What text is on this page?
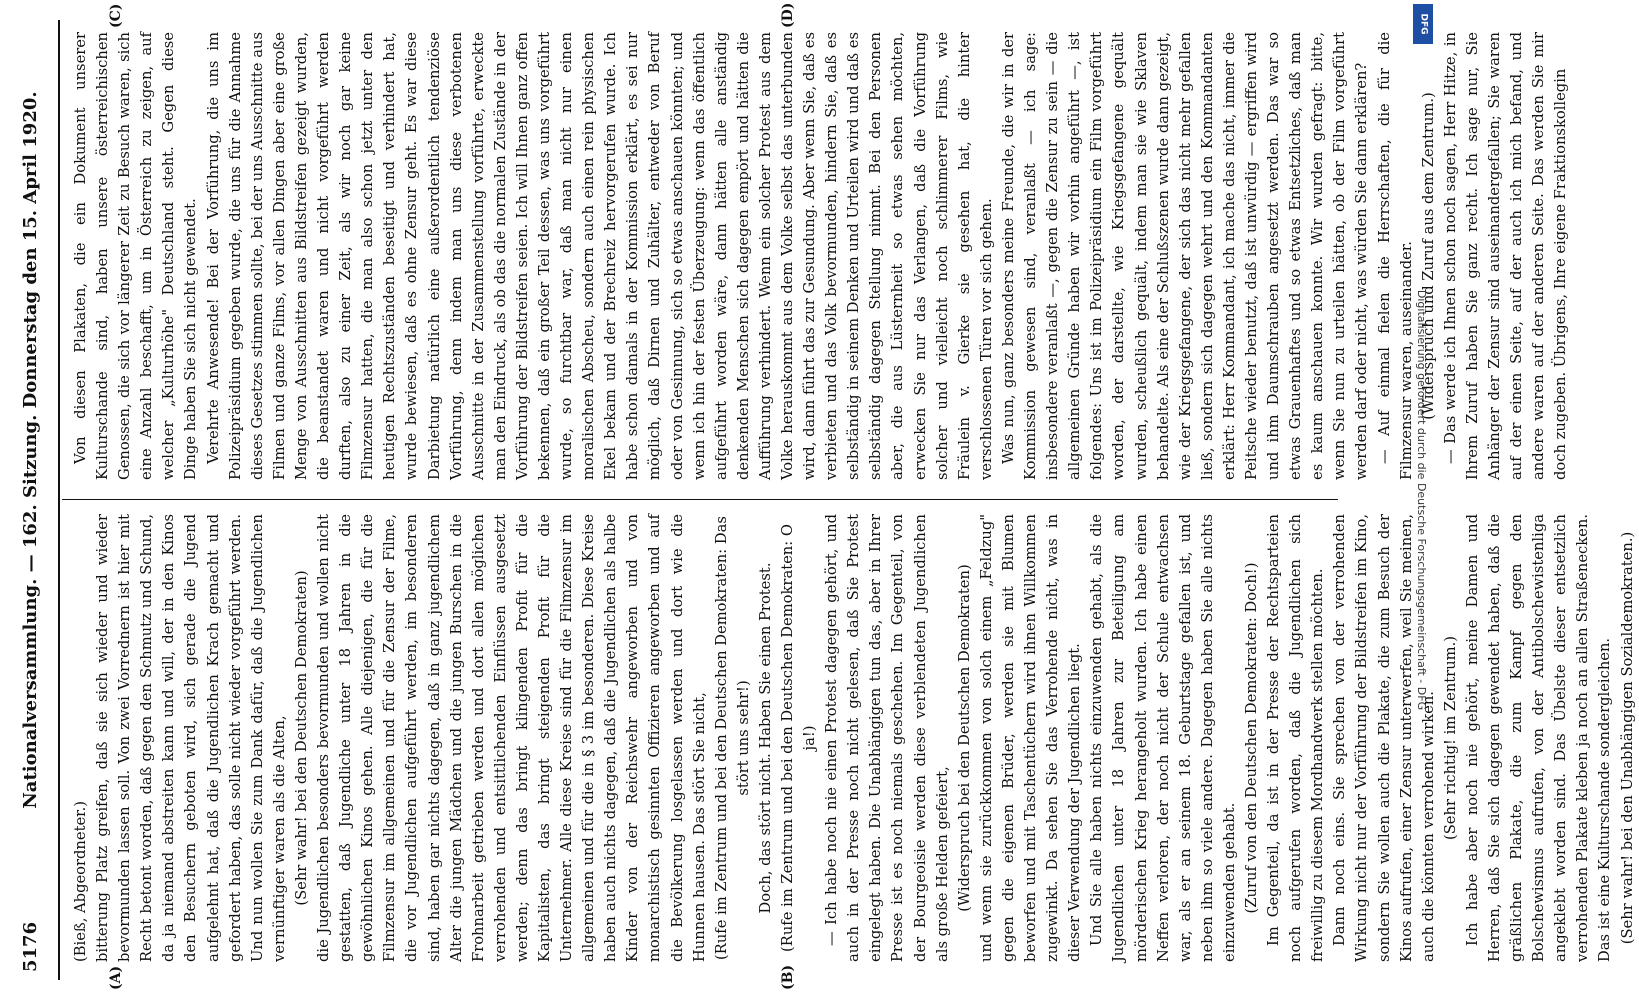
5176
Nationalversammlung. — 162. Sitzung. Donnerstag den 15. April 1920.
(A)	(B)
(C)	(D)

(Bieß, Abgeordneter.) bitterung Platz greifen, daß sie sich wieder und wieder bevormunden lassen soll. Von zwei Vorrednern ist hier mit Recht betont worden, daß gegen den Schmutz und Schund, da ja niemand abstreiten kann und will, der in den Kinos den Besuchern geboten wird, sich gerade die Jugend aufgelehnt hat, daß die Jugendlichen Krach gemacht und gefordert haben, das solle nicht wieder vorgeführt werden. Und nun wollen Sie zum Dank dafür, daß die Jugendlichen vernünftiger waren als die Alten, (Sehr wahr! bei den Deutschen Demokraten) die Jugendlichen besonders bevormunden und wollen nicht gestatten, daß Jugendliche unter 18 Jahren in die gewöhnlichen Kinos gehen. Alle diejenigen, die für die Filmzensur im allgemeinen und für die Zensur der Filme, die vor Jugendlichen aufgeführt werden, im besonderen sind, haben gar nichts dagegen, daß in ganz jugendlichem Alter die jungen Mädchen und die jungen Burschen in die Frohnarbeit getrieben werden und dort allen möglichen verrohenden und entsittlichenden Einflüssen ausgesetzt werden; denn das bringt klingenden Profit für die Kapitalisten, das bringt steigenden Profit für die Unternehmer. Alle diese Kreise sind für die Filmzensur im allgemeinen und für die in § 3 im besonderen. Diese Kreise haben auch nichts dagegen, daß die Jugendlichen als halbe Kinder von der Reichswehr angeworben und von monarchistisch gesinnten Offizieren angeworben und auf die Bevölkerung losgelassen werden und dort wie die Hunnen hausen. Das stört Sie nicht, (Rufe im Zentrum und bei den Deutschen Demokraten: Das stört uns sehr!) Doch, das stört nicht. Haben Sie einen Protest. (Rufe im Zentrum und bei den Deutschen Demokraten: O ja!) — Ich habe noch nie einen Protest dagegen gehört, und auch in der Presse noch nicht gelesen, daß Sie Protest eingelegt haben. Die Unabhängigen tun das, aber in Ihrer Presse ist es noch niemals geschehen. Im Gegenteil, von der Bourgeoisie werden diese verblendeten Jugendlichen als große Helden gefeiert, (Widerspruch bei den Deutschen Demokraten) und wenn sie zurückkommen von solch einem „Feldzug" gegen die eigenen Brüder, werden sie mit Blumen beworfen und mit Taschentüchern wird ihnen Willkommen zugewinkt. Da sehen Sie das Verrohende nicht, was in dieser Verwendung der Jugendlichen liegt. Und Sie alle haben nichts einzuwenden gehabt, als die Jugendlichen unter 18 Jahren zur Beteiligung am mörderischen Krieg herangeholt wurden. Ich habe einen Neffen verloren, der noch nicht der Schule entwachsen war, als er an seinem 18. Geburtstage gefallen ist, und neben ihm so viele andere. Dagegen haben Sie alle nichts einzuwenden gehabt. (Zuruf von den Deutschen Demokraten: Doch!) Im Gegenteil, da ist in der Presse der Rechtsparteien noch aufgerufen worden, daß die Jugendlichen sich freiwillig zu diesem Mordhandwerk stellen möchten. Dann noch eins. Sie sprechen von der verrohenden Wirkung nicht nur der Vorführung der Bildstreifen im Kino, sondern Sie wollen auch die Plakate, die zum Besuch der Kinos aufrufen, einer Zensur unterwerfen, weil Sie meinen, auch die könnten verrohend wirken. (Sehr richtig! im Zentrum.) Ich habe aber noch nie gehört, meine Damen und Herren, daß Sie sich dagegen gewendet haben, daß die gräßlichen Plakate, die zum Kampf gegen den Bolschewismus aufrufen, von der Antibolschewistenliga angeklebt worden sind. Das Übelste dieser entsetzlich verrohenden Plakate kleben ja noch an allen Straßenecken. Das ist eine Kulturschande sondergleichen. (Sehr wahr! bei den Unabhängigen Sozialdemokraten.)

Von diesen Plakaten, die ein Dokument unserer Kulturschande sind, haben unsere österreichischen Genossen, die sich vor längerer Zeit zu Besuch waren, sich eine Anzahl beschafft, um in Österreich zu zeigen, auf welcher „Kulturhöhe" Deutschland steht. Gegen diese Dinge haben Sie sich nicht gewendet. Verehrte Anwesende! Bei der Vorführung, die uns im Polizeipräsidium gegeben wurde, die uns für die Annahme dieses Gesetzes stimmen sollte, bei der uns Ausschnitte aus Filmen und ganze Films, vor allen Dingen aber eine große Menge von Ausschnitten aus Bildstreifen gezeigt wurden, die beanstandet waren und nicht vorgeführt werden durften, also zu einer Zeit, als wir noch gar keine Filmzensur hatten, die man also schon jetzt unter den heutigen Rechtszuständen beseitigt und verhindert hat, wurde bewiesen, daß es ohne Zensur geht. Es war diese Darbietung natürlich eine außerordentlich tendenziöse Vorführung, denn indem man uns diese verbotenen Ausschnitte in der Zusammenstellung vorführte, erweckte man den Eindruck, als ob das die normalen Zustände in der Vorführung der Bildstreifen seien. Ich will Ihnen ganz offen bekennen, daß ein großer Teil dessen, was uns vorgeführt wurde, so furchtbar war, daß man nicht nur einen moralischen Abscheu, sondern auch einen rein physischen Ekel bekam und der Brechreiz hervorgerufen wurde. Ich habe schon damals in der Kommission erklärt, es sei nur möglich, daß Dirnen und Zuhälter, entweder von Beruf oder von Gesinnung, sich so etwas anschauen könnten; und wenn ich hin der festen Überzeugung: wenn das öffentlich aufgeführt worden wäre, dann hätten alle anständig denkenden Menschen sich dagegen empört und hätten die Aufführung verhindert. Wenn ein solcher Protest aus dem Volke herauskommt aus dem Volke selbst das unterbunden wird, dann führt das zur Gesundung. Aber wenn Sie, daß es verbieten und das Volk bevormunden, hindern Sie, daß es selbständig in seinem Denken und Urteilen wird und daß es selbständig dagegen Stellung nimmt. Bei den Personen aber, die aus Lüsternheit so etwas sehen möchten, erwecken Sie nur das Verlangen, daß die Vorführung solcher und vielleicht noch schlimmerer Films, wie Fräulein v. Gierke sie gesehen hat, die hinter verschlossenen Türen vor sich gehen. Was nun, ganz besonders meine Freunde, die wir in der Kommission gewesen sind, veranlaßt — ich sage: insbesondere veranlaßt —, gegen die Zensur zu sein — die allgemeinen Gründe haben wir vorhin angeführt —, ist folgendes: Uns ist im Polizeipräsidium ein Film vorgeführt worden, der darstellte, wie Kriegsgefangene gequält wurden, scheußlich gequält, indem man sie wie Sklaven behandelte. Als eine der Schlußszenen wurde dann gezeigt, wie der Kriegsgefangene, der sich das nicht mehr gefallen ließ, sondern sich dagegen wehrt und den Kommandanten erklärt: Herr Kommandant, ich mache das nicht, immer die Peitsche wieder benutzt, daß ist unwürdig — ergriffen wird und ihm Daumschrauben angesetzt werden. Das war so etwas Grauenhaftes und so etwas Entsetzliches, daß man es kaum anschauen konnte. Wir wurden gefragt: bitte, wenn Sie nun zu urteilen hätten, ob der Film vorgeführt werden darf oder nicht, was würden Sie dann erklären? — Auf einmal fielen die Herrschaften, die für die Filmzensur waren, auseinander. (Widerspruch und Zuruf aus dem Zentrum.) — Das werde ich Ihnen schon noch sagen, Herr Hitze, in Ihrem Zuruf haben Sie ganz recht. Ich sage nur, Sie Anhänger der Zensur sind auseinandergefallen; Sie waren auf der einen Seite, auf der auch ich mich befand, und andere waren auf der anderen Seite. Das werden Sie mir doch zugeben. Übrigens, Ihre eigene Fraktionskollegin

DFG
Digitalisierung gefördert durch die Deutsche Forschungsgemeinschaft - DFG
